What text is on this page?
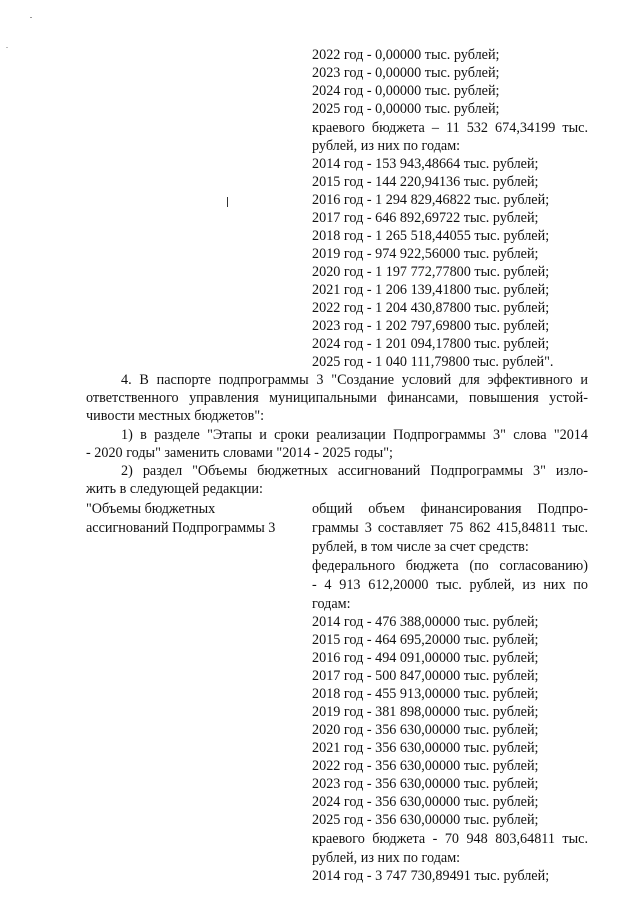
2022 год - 0,00000 тыс. рублей;
2023 год - 0,00000 тыс. рублей;
2024 год - 0,00000 тыс. рублей;
2025 год - 0,00000 тыс. рублей;
краевого бюджета – 11 532 674,34199 тыс.
рублей, из них по годам:
2014 год - 153 943,48664 тыс. рублей;
2015 год - 144 220,94136 тыс. рублей;
2016 год - 1 294 829,46822 тыс. рублей;
2017 год - 646 892,69722 тыс. рублей;
2018 год - 1 265 518,44055 тыс. рублей;
2019 год - 974 922,56000 тыс. рублей;
2020 год - 1 197 772,77800 тыс. рублей;
2021 год - 1 206 139,41800 тыс. рублей;
2022 год - 1 204 430,87800 тыс. рублей;
2023 год - 1 202 797,69800 тыс. рублей;
2024 год - 1 201 094,17800 тыс. рублей;
2025 год - 1 040 111,79800 тыс. рублей".
4. В паспорте подпрограммы 3 "Создание условий для эффективного и
ответственного управления муниципальными финансами, повышения устой-
чивости местных бюджетов":
1) в разделе "Этапы и сроки реализации Подпрограммы 3" слова "2014
- 2020 годы" заменить словами "2014 - 2025 годы";
2) раздел "Объемы бюджетных ассигнований Подпрограммы 3" изло-
жить в следующей редакции:
"Объемы бюджетных
ассигнований Подпрограммы 3
общий объем финансирования Подпро-
граммы 3 составляет 75 862 415,84811 тыс.
рублей, в том числе за счет средств:
федерального бюджета (по согласованию)
- 4 913 612,20000 тыс. рублей, из них по
годам:
2014 год - 476 388,00000 тыс. рублей;
2015 год - 464 695,20000 тыс. рублей;
2016 год - 494 091,00000 тыс. рублей;
2017 год - 500 847,00000 тыс. рублей;
2018 год - 455 913,00000 тыс. рублей;
2019 год - 381 898,00000 тыс. рублей;
2020 год - 356 630,00000 тыс. рублей;
2021 год - 356 630,00000 тыс. рублей;
2022 год - 356 630,00000 тыс. рублей;
2023 год - 356 630,00000 тыс. рублей;
2024 год - 356 630,00000 тыс. рублей;
2025 год - 356 630,00000 тыс. рублей;
краевого бюджета - 70 948 803,64811 тыс.
рублей, из них по годам:
2014 год - 3 747 730,89491 тыс. рублей;
